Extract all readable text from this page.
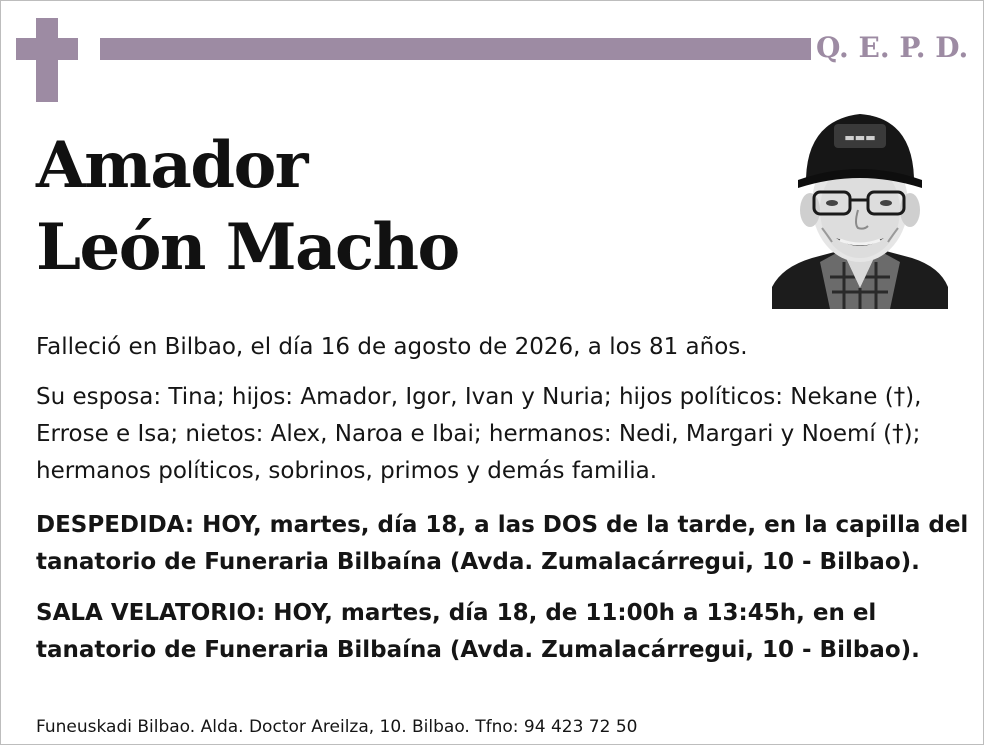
Q. E. P. D.
Amador
León Macho
▬▬▬
Falleció en Bilbao, el día 16 de agosto de 2026, a los 81 años.
Su esposa: Tina; hijos: Amador, Igor, Ivan y Nuria; hijos políticos: Nekane (†),
Errose e Isa; nietos: Alex, Naroa e Ibai; hermanos: Nedi, Margari y Noemí (†);
hermanos políticos, sobrinos, primos y demás familia.
DESPEDIDA: HOY, martes, día 18, a las DOS de la tarde, en la capilla del
tanatorio de Funeraria Bilbaína (Avda. Zumalacárregui, 10 - Bilbao).
SALA VELATORIO: HOY, martes, día 18, de 11:00h a 13:45h, en el
tanatorio de Funeraria Bilbaína (Avda. Zumalacárregui, 10 - Bilbao).
Funeuskadi Bilbao. Alda. Doctor Areilza, 10. Bilbao. Tfno: 94 423 72 50
